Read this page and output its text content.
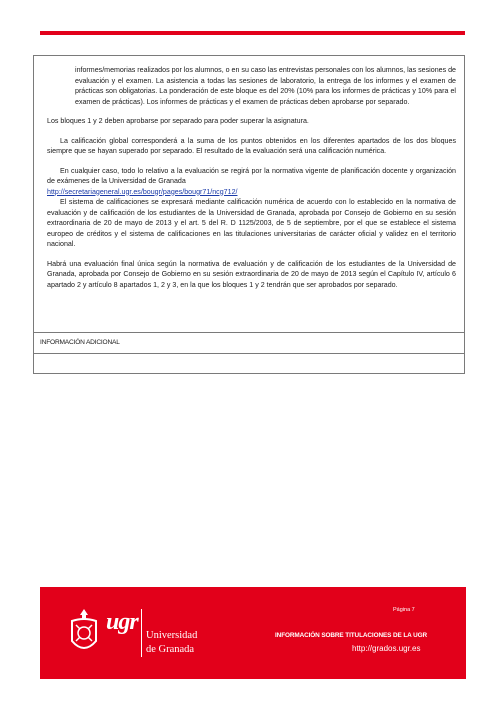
informes/memorias realizados por los alumnos, o en su caso las entrevistas personales con los alumnos, las sesiones de evaluación y el examen. La asistencia a todas las sesiones de laboratorio, la entrega de los informes y el examen de prácticas son obligatorias. La ponderación de este bloque es del 20% (10% para los informes de prácticas y 10% para el examen de prácticas). Los informes de prácticas y el examen de prácticas deben aprobarse por separado.

Los bloques 1 y 2 deben aprobarse por separado para poder superar la asignatura.

La calificación global corresponderá a la suma de los puntos obtenidos en los diferentes apartados de los dos bloques siempre que se hayan superado por separado. El resultado de la evaluación será una calificación numérica.

En cualquier caso, todo lo relativo a la evaluación se regirá por la normativa vigente de planificación docente y organización de exámenes de la Universidad de Granada
http://secretariageneral.ugr.es/bougr/pages/bougr71/ncg712/

El sistema de calificaciones se expresará mediante calificación numérica de acuerdo con lo establecido en la normativa de evaluación y de calificación de los estudiantes de la Universidad de Granada, aprobada por Consejo de Gobierno en su sesión extraordinaria de 20 de mayo de 2013 y el art. 5 del R. D 1125/2003, de 5 de septiembre, por el que se establece el sistema europeo de créditos y el sistema de calificaciones en las titulaciones universitarias de carácter oficial y validez en el territorio nacional.

Habrá una evaluación final única según la normativa de evaluación y de calificación de los estudiantes de la Universidad de Granada, aprobada por Consejo de Gobierno en su sesión extraordinaria de 20 de mayo de 2013 según el Capítulo IV, artículo 6 apartado 2 y artículo 8 apartados 1, 2 y 3, en la que los bloques 1 y 2 tendrán que ser aprobados por separado.

INFORMACIÓN ADICIONAL
ugr
Universidad
de Granada
Página 7
INFORMACIÓN SOBRE TITULACIONES DE LA UGR
http://grados.ugr.es
